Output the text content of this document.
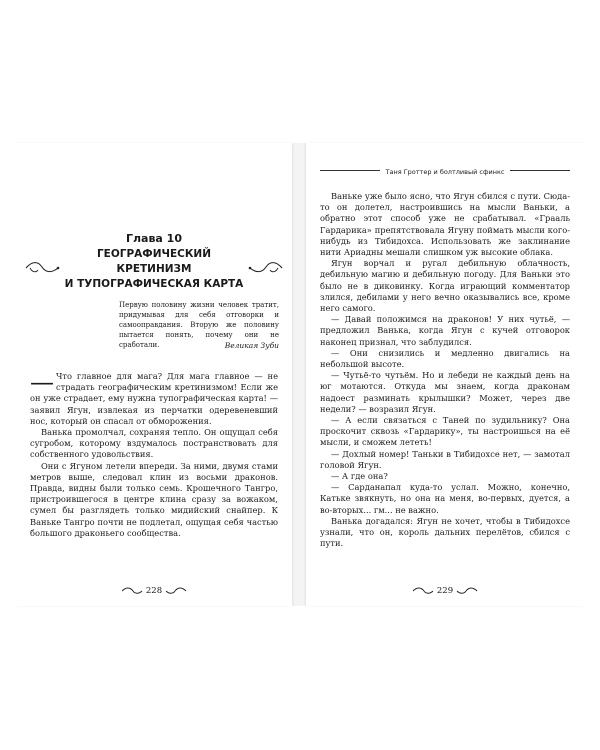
Глава 10
ГЕОГРАФИЧЕСКИЙ
КРЕТИНИЗМ
И ТУПОГРАФИЧЕСКАЯ КАРТА
Первую половину жизни человек тратит, придумывая для себя отговорки и самооправдания. Вторую же половину пытается понять, почему они не сработали.	Великая Зуби

— Что главное для мага? Для мага главное — не страдать географическим кретинизмом! Если же он уже страдает, ему нужна тупографическая карта! — заявил Ягун, извлекая из перчатки одеревеневший нос, который он спасал от обморожения.

Ванька промолчал, сохраняя тепло. Он ощущал себя сугробом, которому вздумалось постранствовать для собственного удовольствия.

Они с Ягуном летели впереди. За ними, двумя стами метров выше, следовал клин из восьми драконов. Правда, видны были только семь. Крошечного Тангро, пристроившегося в центре клина сразу за вожаком, сумел бы разглядеть только мидийский снайпер. К Ваньке Тангро почти не подлетал, ощущая себя частью большого драконьего сообщества.

228
Таня Гроттер и болтливый сфинкс

Ваньке уже было ясно, что Ягун сбился с пути. Сюда-то он долетел, настроившись на мысли Ваньки, а обратно этот способ уже не срабатывал. «Грааль Гардарика» препятствовала Ягуну поймать мысли кого-нибудь из Тибидохса. Использовать же заклинание нити Ариадны мешали слишком уж высокие облака.

Ягун ворчал и ругал дебильную облачность, дебильную магию и дебильную погоду. Для Ваньки это было не в диковинку. Когда играющий комментатор злился, дебилами у него вечно оказывались все, кроме него самого.

— Давай положимся на драконов! У них чутьё, — предложил Ванька, когда Ягун с кучей отговорок наконец признал, что заблудился.

— Они снизились и медленно двигались на небольшой высоте.

— Чутьё-то чутьём. Но и лебеди не каждый день на юг мотаются. Откуда мы знаем, когда драконам надоест разминать крылышки? Может, через две недели? — возразил Ягун.

— А если связаться с Таней по зудильнику? Она проскочит сквозь «Гардарику», ты настроишься на её мысли, и сможем лететь!

— Дохлый номер! Таньки в Тибидохсе нет, — замотал головой Ягун.

— А где она?

— Сарданапал куда-то услал. Можно, конечно, Катьке звякнуть, но она на меня, во-первых, дуется, а во-вторых... гм... не важно.

Ванька догадался: Ягун не хочет, чтобы в Тибидохсе узнали, что он, король дальних перелётов, сбился с пути.

229
